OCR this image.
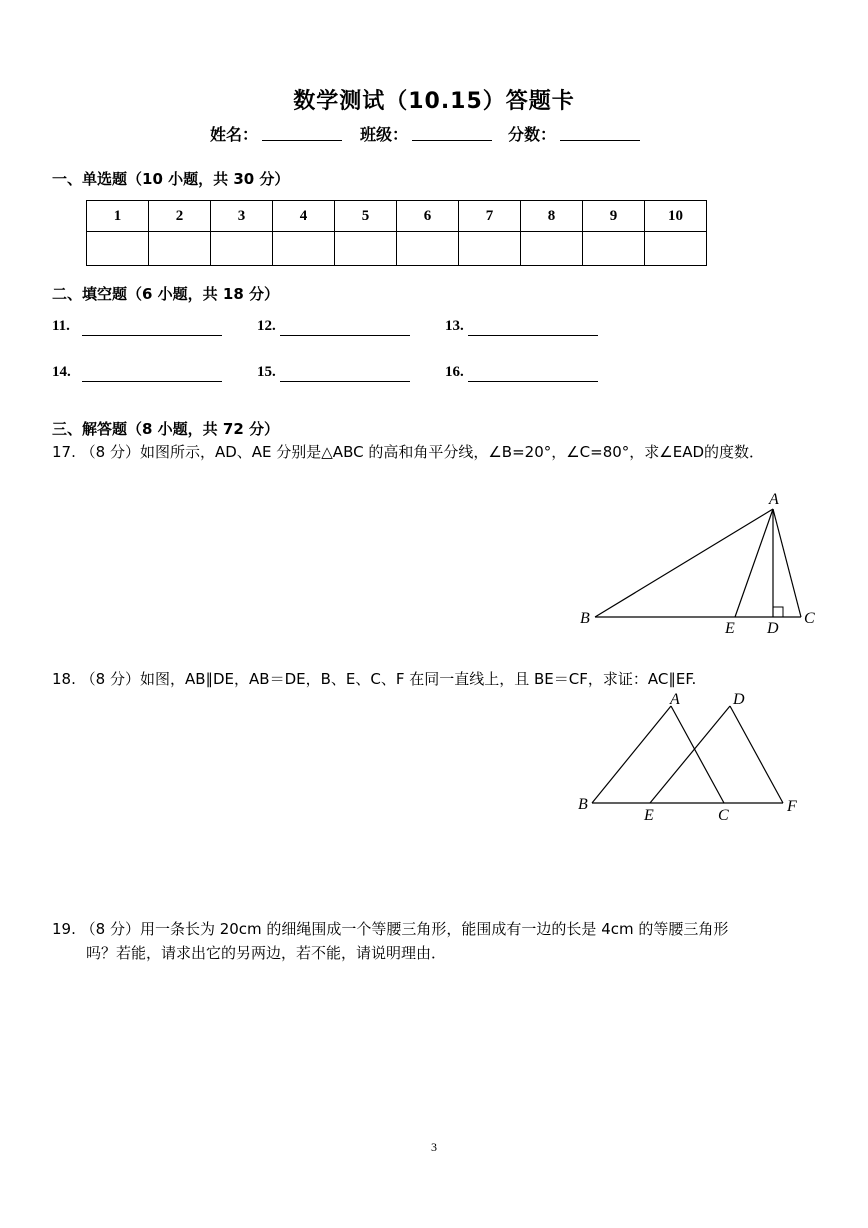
数学测试（10.15）答题卡
姓名：	班级：	分数：
一、单选题（10 小题，共 30 分）
1	2	3	4	5	6	7	8	9	10

二、填空题（6 小题，共 18 分）
11.	12.	13.
14.	15.	16.
三、解答题（8 小题，共 72 分）
17. （8 分）如图所示，AD、AE 分别是△ABC 的高和角平分线，∠B=20°，∠C=80°，求∠EAD的度数．
A
B	C
D
E
18. （8 分）如图，AB∥DE，AB＝DE，B、E、C、F 在同一直线上，且 BE＝CF，求证：AC∥EF.
A
B
C
D
E
F
19. （8 分）用一条长为 20cm 的细绳围成一个等腰三角形，能围成有一边的长是 4cm 的等腰三角形
吗？若能，请求出它的另两边，若不能，请说明理由．
3
